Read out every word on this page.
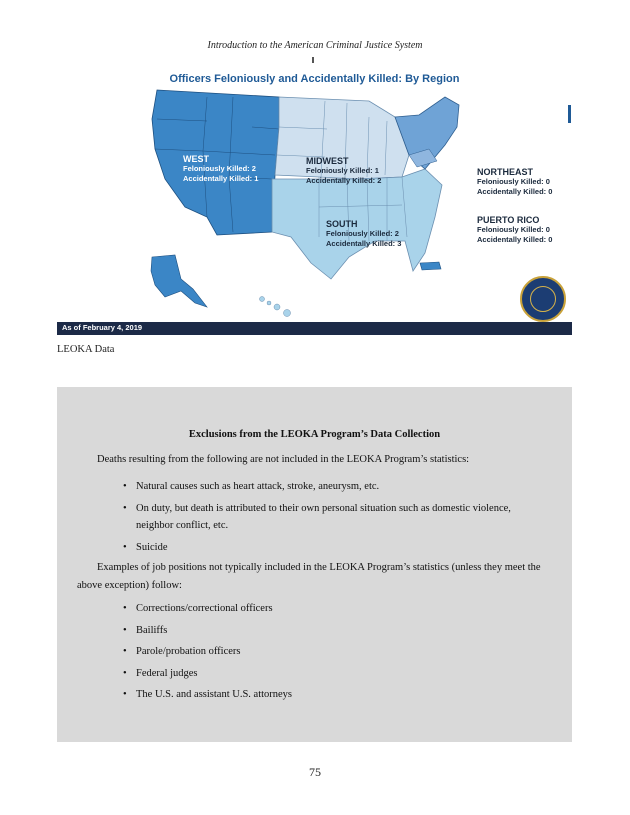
Introduction to the American Criminal Justice System
Officers Feloniously and Accidentally Killed: By Region
WEST
Feloniously Killed: 2
Accidentally Killed: 1
MIDWEST
Feloniously Killed: 1
Accidentally Killed: 2
SOUTH
Feloniously Killed: 2
Accidentally Killed: 3
NORTHEAST
Feloniously Killed: 0
Accidentally Killed: 0
PUERTO RICO
Feloniously Killed: 0
Accidentally Killed: 0
As of February 4, 2019
LEOKA Data
Exclusions from the LEOKA Program’s Data Collection
Deaths resulting from the following are not included in the LEOKA Program’s statistics:
• Natural causes such as heart attack, stroke, aneurysm, etc.
• On duty, but death is attributed to their own personal situation such as domestic violence, neighbor conflict, etc.
• Suicide
Examples of job positions not typically included in the LEOKA Program’s statistics (unless they meet the above exception) follow:
• Corrections/correctional officers
• Bailiffs
• Parole/probation officers
• Federal judges
• The U.S. and assistant U.S. attorneys
75
